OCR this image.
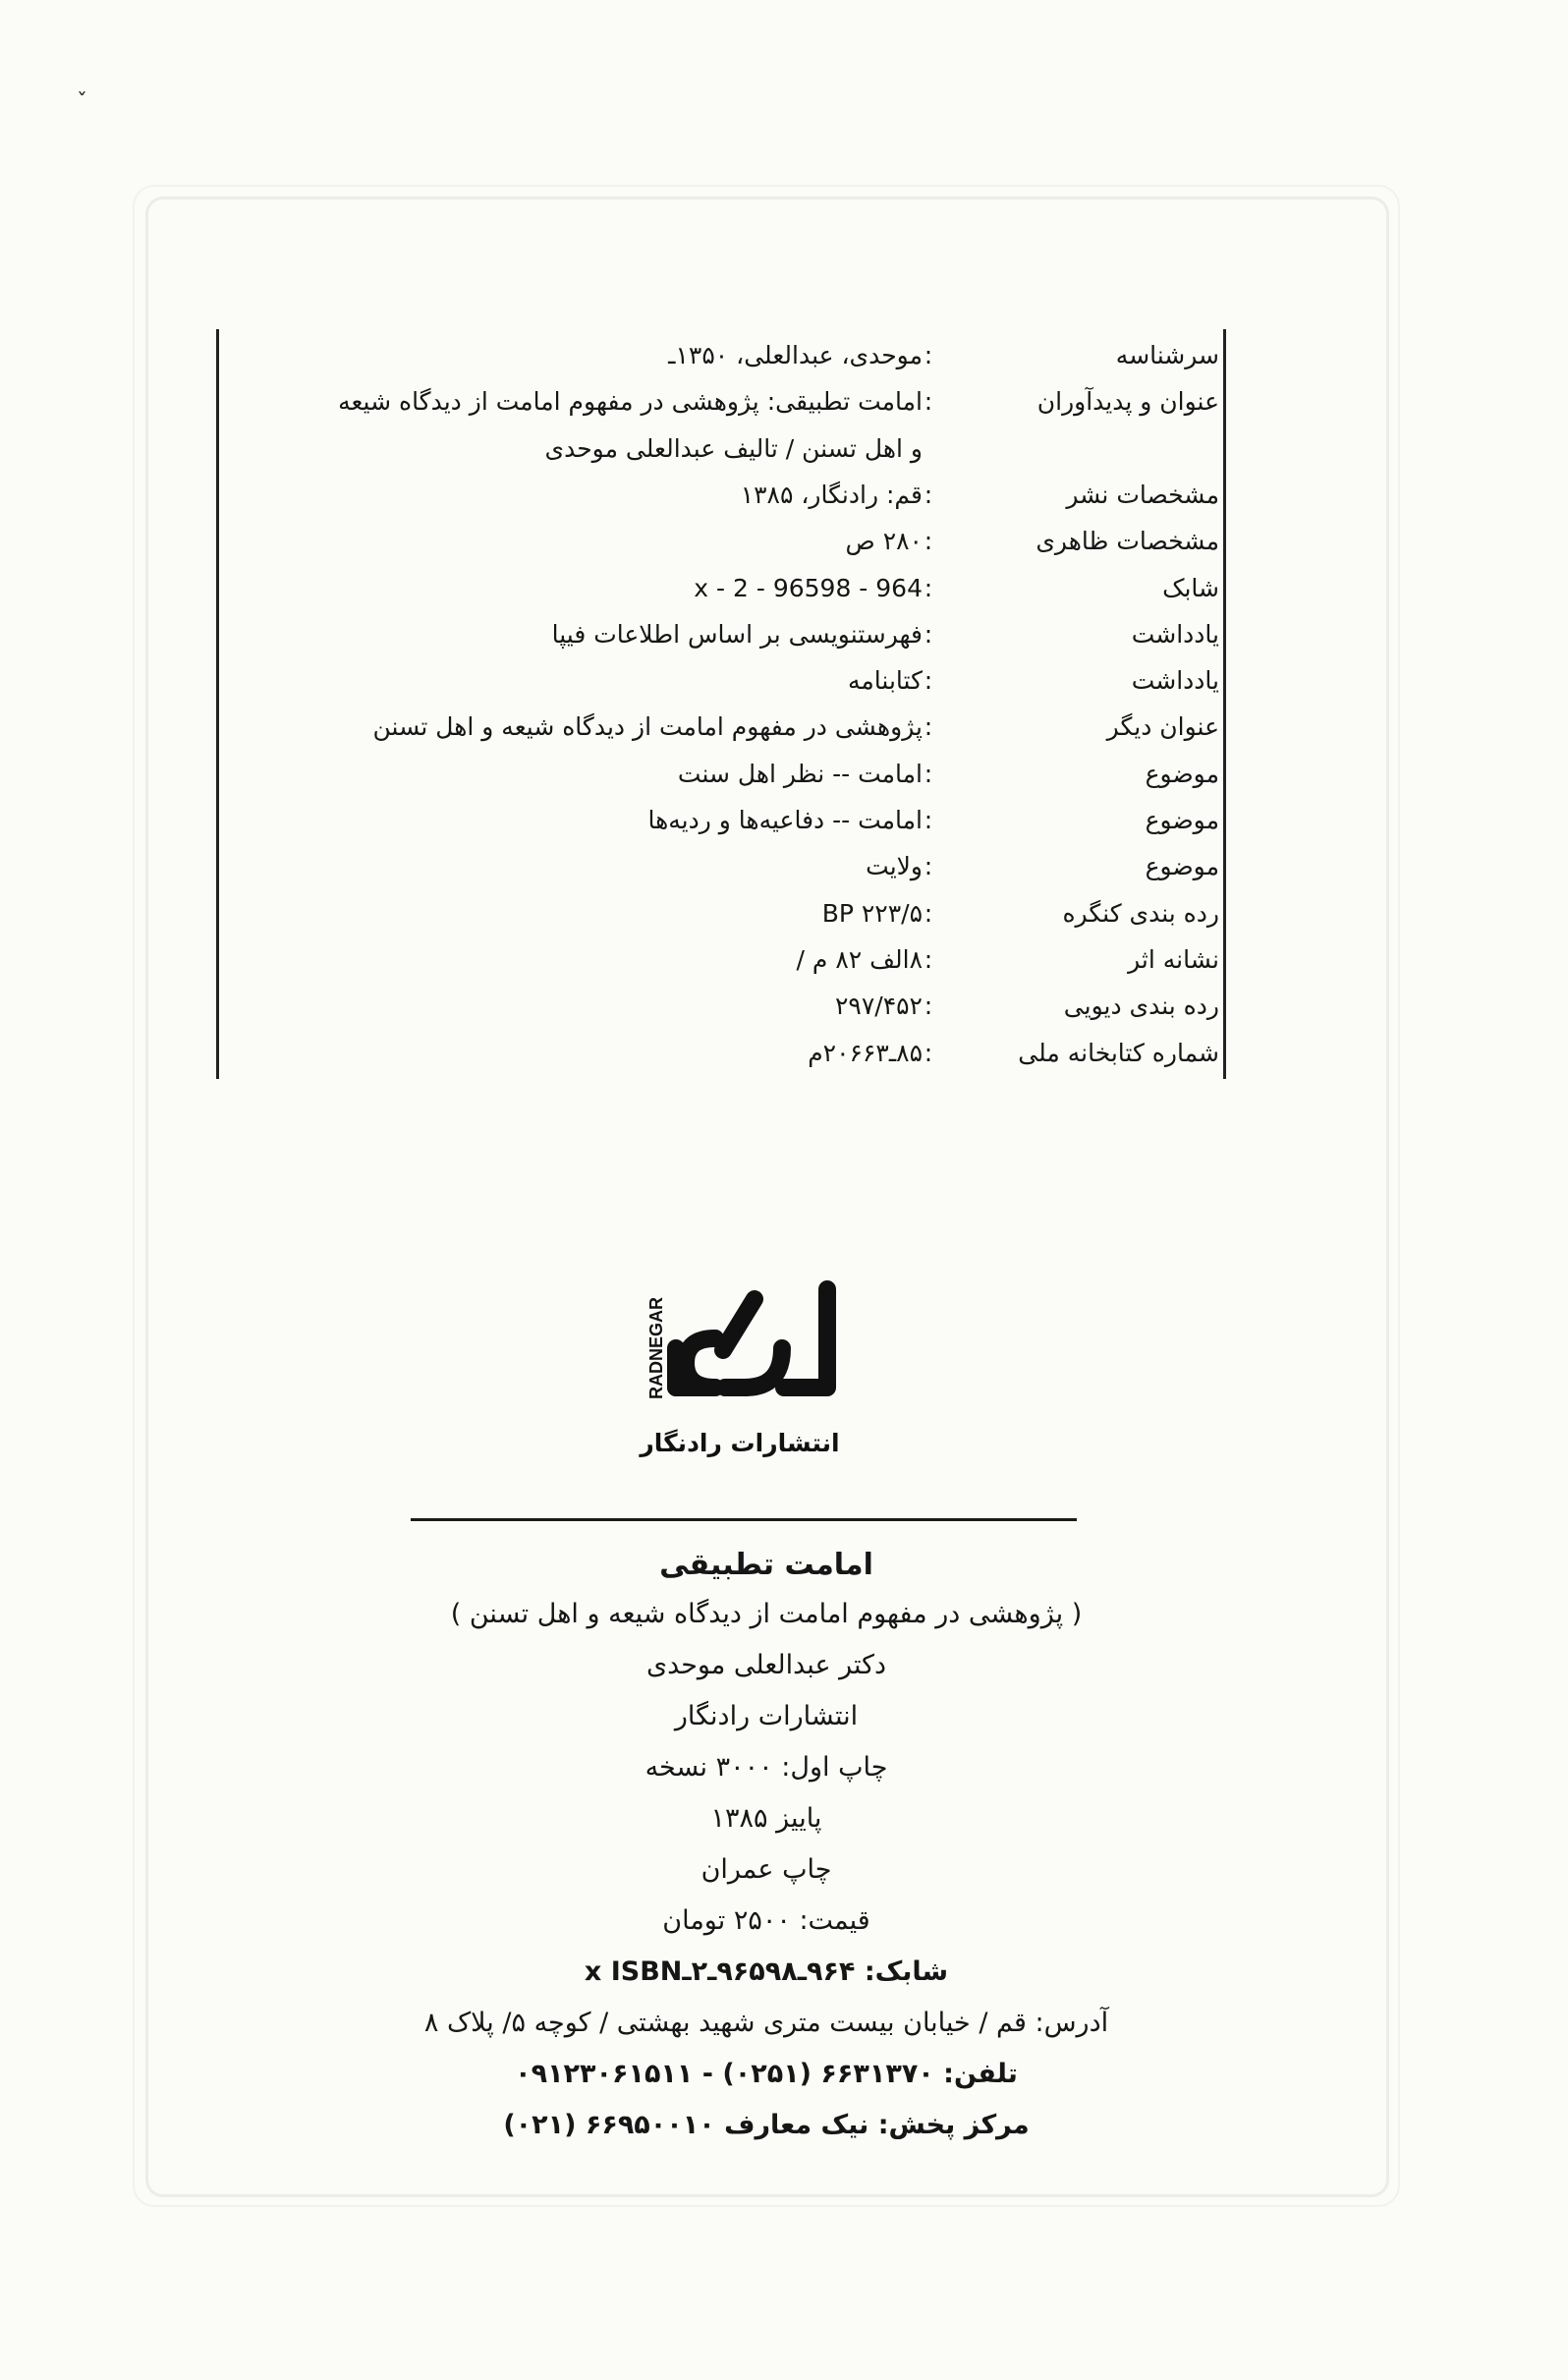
ˇ
سرشناسه
:
موحدی، عبدالعلی، ۱۳۵۰ـ
عنوان و پدیدآوران
:
امامت تطبیقی: پژوهشی در مفهوم امامت از دیدگاه شیعه
و اهل تسنن / تالیف عبدالعلی موحدی
مشخصات نشر
:
قم: رادنگار، ۱۳۸۵
مشخصات ظاهری
:
۲۸۰ ص
شابک
:
964 - 96598 - 2 - x
یادداشت
:
فهرستنویسی بر اساس اطلاعات فیپا
یادداشت
:
کتابنامه
عنوان دیگر
:
پژوهشی در مفهوم امامت از دیدگاه شیعه و اهل تسنن
موضوع
:
امامت -- نظر اهل سنت
موضوع
:
امامت -- دفاعیه‌ها و ردیه‌ها
موضوع
:
ولایت
رده بندی کنگره
:
BP ۲۲۳/۵
نشانه اثر
:
۸الف ۸۲ م /
رده بندی دیویی
:
۲۹۷/۴۵۲
شماره کتابخانه ملی
:
۸۵ـ۲۰۶۶۳م
RADNEGAR
انتشارات رادنگار
امامت تطبیقی
( پژوهشی در مفهوم امامت از دیدگاه شیعه و اهل تسنن )
دکتر عبدالعلی موحدی
انتشارات رادنگار
چاپ اول: ۳۰۰۰ نسخه
پاییز ۱۳۸۵
چاپ عمران
قیمت: ۲۵۰۰ تومان
شابک: ۹۶۴ـ۹۶۵۹۸ـ۲ـx ISBN
آدرس: قم / خیابان بیست متری شهید بهشتی / کوچه ۵/ پلاک ۸
تلفن: ۶۶۳۱۳۷۰ (۰۲۵۱) - ۰۹۱۲۳۰۶۱۵۱۱
مرکز پخش: نیک معارف ۶۶۹۵۰۰۱۰ (۰۲۱)
